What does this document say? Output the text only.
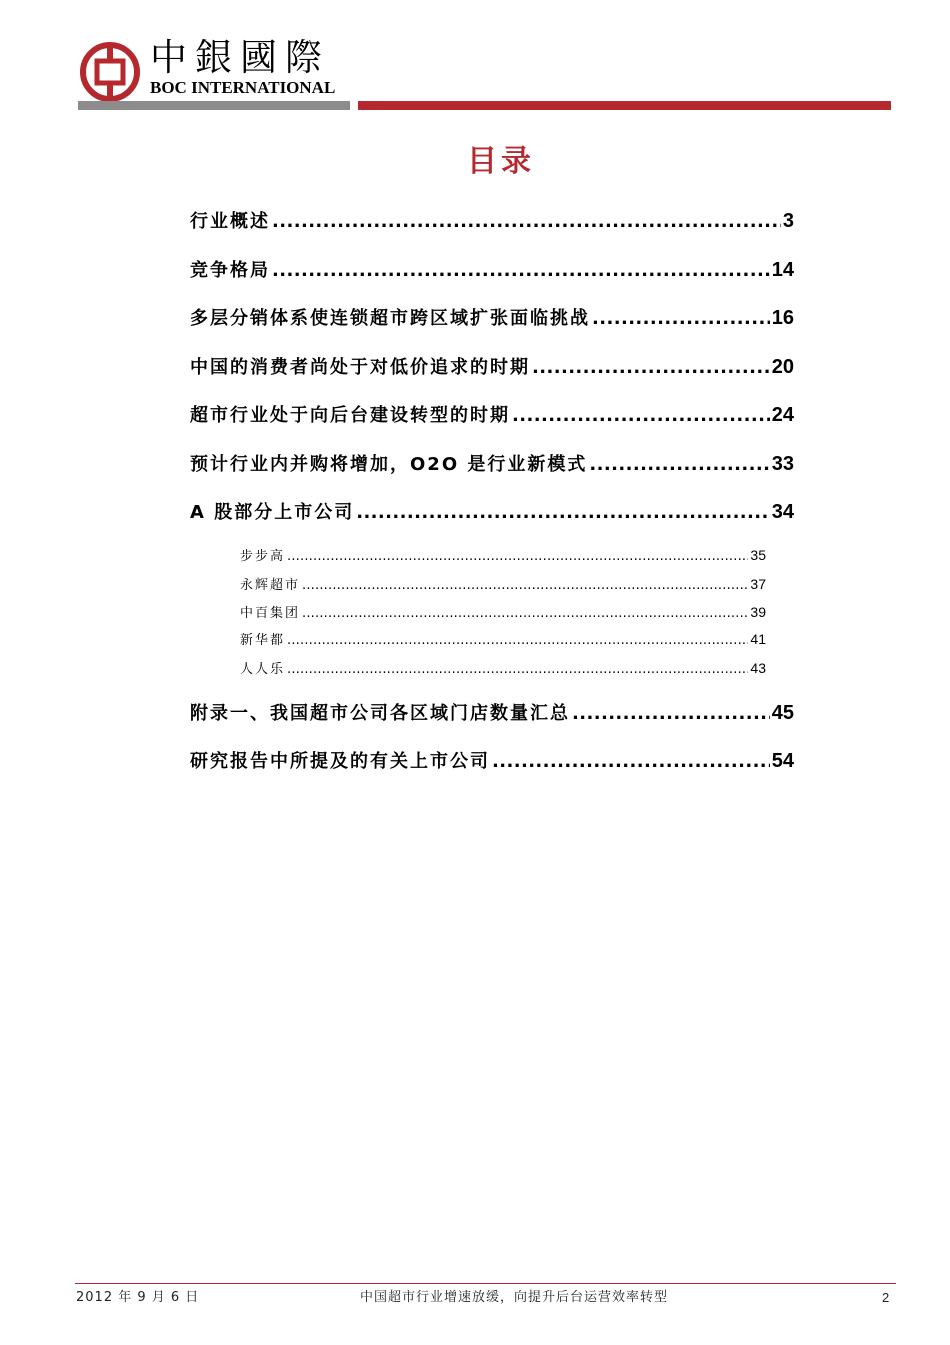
中銀國際
BOC INTERNATIONAL
目录
行业概述 .....	3
竞争格局 .....	14
多层分销体系使连锁超市跨区域扩张面临挑战 .....	16
中国的消费者尚处于对低价追求的时期 .....	20
超市行业处于向后台建设转型的时期 .....	24
预计行业内并购将增加，O2O 是行业新模式 .....	33
A 股部分上市公司 .....	34
步步高 .....	35
永辉超市 .....	37
中百集团 .....	39
新华都 .....	41
人人乐 .....	43
附录一、我国超市公司各区域门店数量汇总 .....	45
研究报告中所提及的有关上市公司 .....	54
2012 年 9 月 6 日	中国超市行业增速放缓，向提升后台运营效率转型	2
